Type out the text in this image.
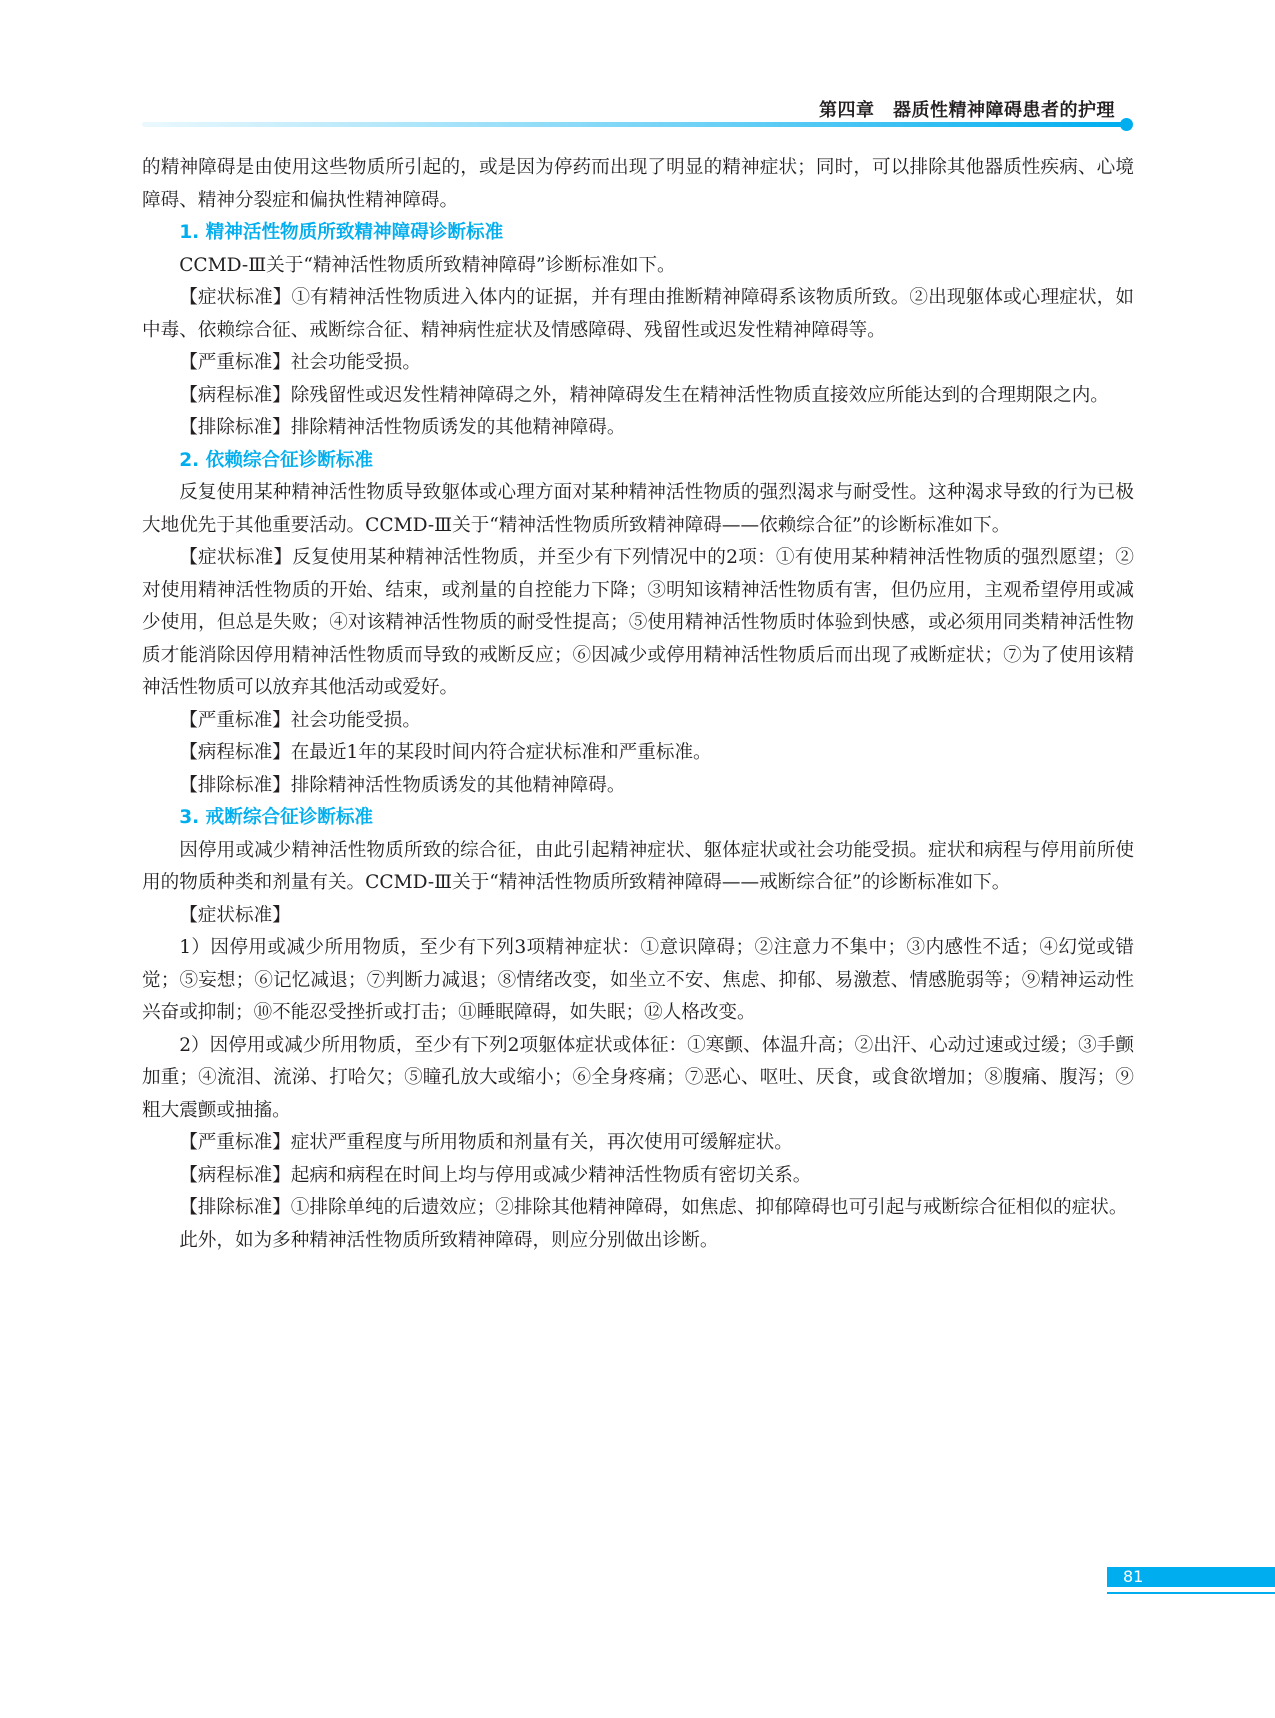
第四章　器质性精神障碍患者的护理

的精神障碍是由使用这些物质所引起的，或是因为停药而出现了明显的精神症状；同时，可以排除其他器质性疾病、心境障碍、精神分裂症和偏执性精神障碍。

1. 精神活性物质所致精神障碍诊断标准

CCMD-Ⅲ关于“精神活性物质所致精神障碍”诊断标准如下。

【症状标准】①有精神活性物质进入体内的证据，并有理由推断精神障碍系该物质所致。②出现躯体或心理症状，如中毒、依赖综合征、戒断综合征、精神病性症状及情感障碍、残留性或迟发性精神障碍等。

【严重标准】社会功能受损。

【病程标准】除残留性或迟发性精神障碍之外，精神障碍发生在精神活性物质直接效应所能达到的合理期限之内。

【排除标准】排除精神活性物质诱发的其他精神障碍。

2. 依赖综合征诊断标准

反复使用某种精神活性物质导致躯体或心理方面对某种精神活性物质的强烈渴求与耐受性。这种渴求导致的行为已极大地优先于其他重要活动。CCMD-Ⅲ关于“精神活性物质所致精神障碍——依赖综合征”的诊断标准如下。

【症状标准】反复使用某种精神活性物质，并至少有下列情况中的2项：①有使用某种精神活性物质的强烈愿望；②对使用精神活性物质的开始、结束，或剂量的自控能力下降；③明知该精神活性物质有害，但仍应用，主观希望停用或减少使用，但总是失败；④对该精神活性物质的耐受性提高；⑤使用精神活性物质时体验到快感，或必须用同类精神活性物质才能消除因停用精神活性物质而导致的戒断反应；⑥因减少或停用精神活性物质后而出现了戒断症状；⑦为了使用该精神活性物质可以放弃其他活动或爱好。

【严重标准】社会功能受损。

【病程标准】在最近1年的某段时间内符合症状标准和严重标准。

【排除标准】排除精神活性物质诱发的其他精神障碍。

3. 戒断综合征诊断标准

因停用或减少精神活性物质所致的综合征，由此引起精神症状、躯体症状或社会功能受损。症状和病程与停用前所使用的物质种类和剂量有关。CCMD-Ⅲ关于“精神活性物质所致精神障碍——戒断综合征”的诊断标准如下。

【症状标准】

1）因停用或减少所用物质，至少有下列3项精神症状：①意识障碍；②注意力不集中；③内感性不适；④幻觉或错觉；⑤妄想；⑥记忆减退；⑦判断力减退；⑧情绪改变，如坐立不安、焦虑、抑郁、易激惹、情感脆弱等；⑨精神运动性兴奋或抑制；⑩不能忍受挫折或打击；⑪睡眠障碍，如失眠；⑫人格改变。

2）因停用或减少所用物质，至少有下列2项躯体症状或体征：①寒颤、体温升高；②出汗、心动过速或过缓；③手颤加重；④流泪、流涕、打哈欠；⑤瞳孔放大或缩小；⑥全身疼痛；⑦恶心、呕吐、厌食，或食欲增加；⑧腹痛、腹泻；⑨粗大震颤或抽搐。

【严重标准】症状严重程度与所用物质和剂量有关，再次使用可缓解症状。

【病程标准】起病和病程在时间上均与停用或减少精神活性物质有密切关系。

【排除标准】①排除单纯的后遗效应；②排除其他精神障碍，如焦虑、抑郁障碍也可引起与戒断综合征相似的症状。

此外，如为多种精神活性物质所致精神障碍，则应分别做出诊断。

81
